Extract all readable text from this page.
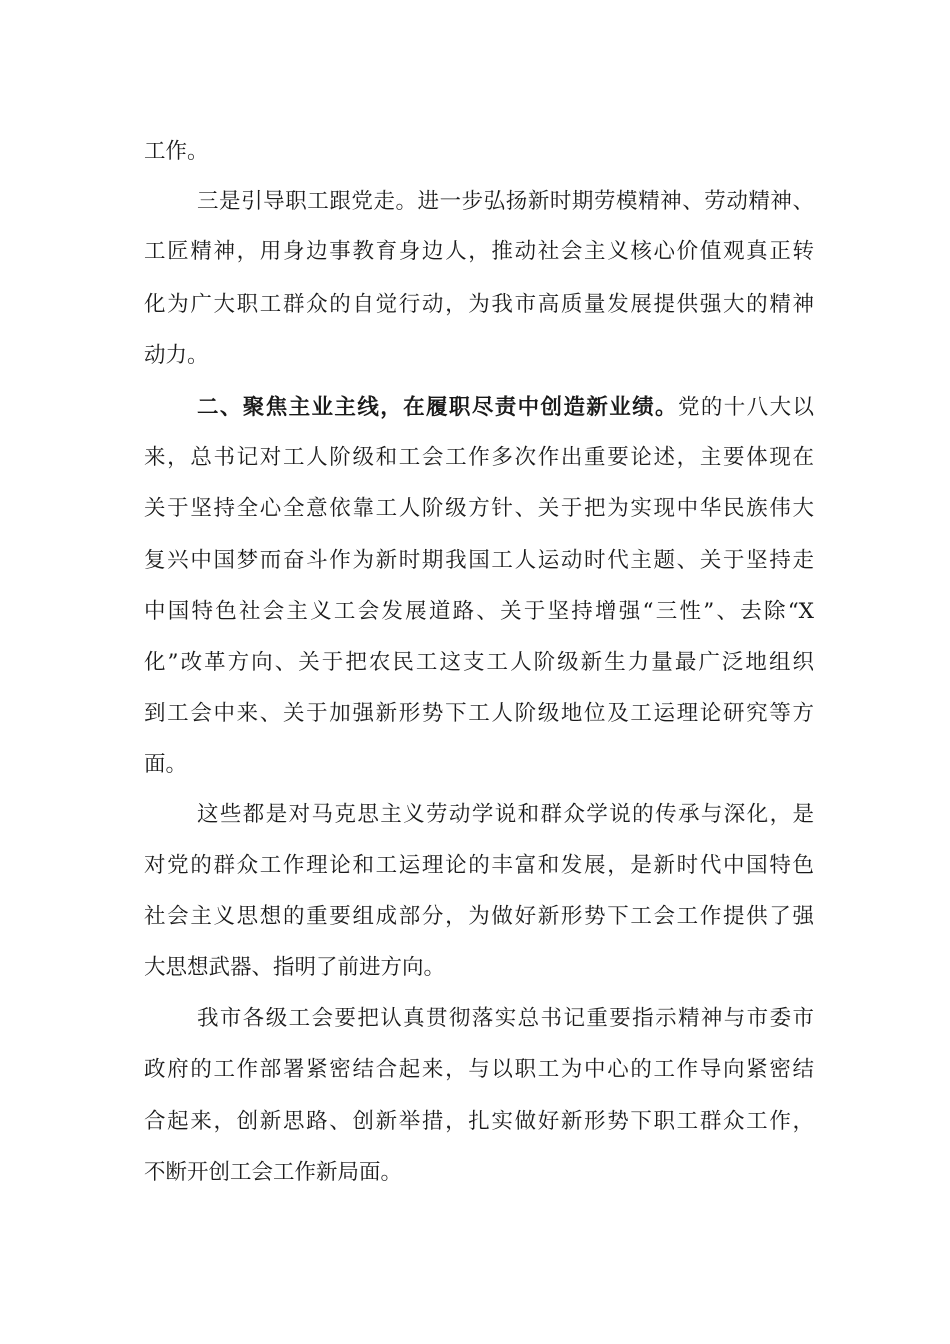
工作。

三是引导职工跟党走。进一步弘扬新时期劳模精神、劳动精神、

工匠精神，用身边事教育身边人，推动社会主义核心价值观真正转

化为广大职工群众的自觉行动，为我市高质量发展提供强大的精神

动力。

二、聚焦主业主线，在履职尽责中创造新业绩。党的十八大以

来，总书记对工人阶级和工会工作多次作出重要论述，主要体现在

关于坚持全心全意依靠工人阶级方针、关于把为实现中华民族伟大

复兴中国梦而奋斗作为新时期我国工人运动时代主题、关于坚持走

中国特色社会主义工会发展道路、关于坚持增强“三性”、去除“X

化”改革方向、关于把农民工这支工人阶级新生力量最广泛地组织

到工会中来、关于加强新形势下工人阶级地位及工运理论研究等方

面。

这些都是对马克思主义劳动学说和群众学说的传承与深化，是

对党的群众工作理论和工运理论的丰富和发展，是新时代中国特色

社会主义思想的重要组成部分，为做好新形势下工会工作提供了强

大思想武器、指明了前进方向。

我市各级工会要把认真贯彻落实总书记重要指示精神与市委市

政府的工作部署紧密结合起来，与以职工为中心的工作导向紧密结

合起来，创新思路、创新举措，扎实做好新形势下职工群众工作，

不断开创工会工作新局面。
